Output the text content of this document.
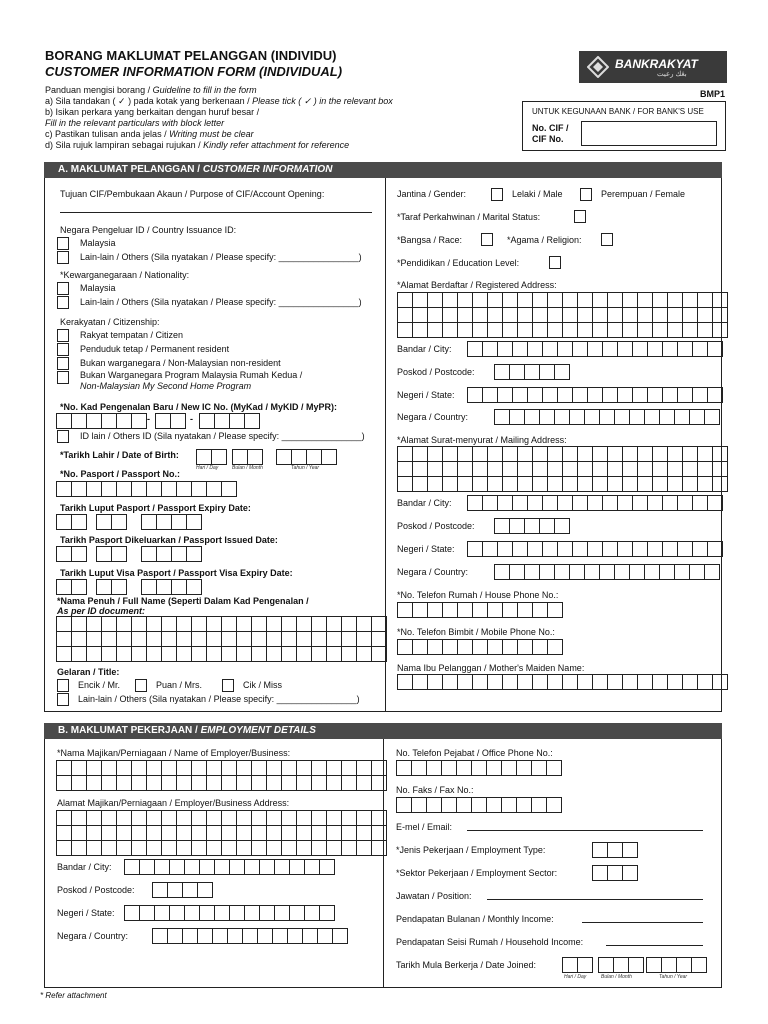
BORANG MAKLUMAT PELANGGAN (INDIVIDU)
CUSTOMER INFORMATION FORM (INDIVIDUAL)	BANKRAKYAT
بڠك رعيت
BMP1
Panduan mengisi borang / Guideline to fill in the form
a) Sila tandakan ( ✓ ) pada kotak yang berkenaan / Please tick ( ✓ ) in the relevant box
b) Isikan perkara yang berkaitan dengan huruf besar /
Fill in the relevant particulars with block letter
c) Pastikan tulisan anda jelas / Writing must be clear
d) Sila rujuk lampiran sebagai rujukan / Kindly refer attachment for reference
UNTUK KEGUNAAN BANK / FOR BANK'S USE
No. CIF /
CIF No.
A. MAKLUMAT PELANGGAN / CUSTOMER INFORMATION
Tujuan CIF/Pembukaan Akaun / Purpose of CIF/Account Opening:
Negara Pengeluar ID / Country Issuance ID:
Malaysia
Lain-lain / Others (Sila nyatakan / Please specify: ________________)
*Kewarganegaraan / Nationality:
Malaysia
Lain-lain / Others (Sila nyatakan / Please specify: ________________)
Kerakyatan / Citizenship:
Rakyat tempatan / Citizen
Penduduk tetap / Permanent resident
Bukan warganegara / Non-Malaysian non-resident
Bukan Warganegara Program Malaysia Rumah Kedua /
Non-Malaysian My Second Home Program
*No. Kad Pengenalan Baru / New IC No. (MyKad / MyKID / MyPR):
ID lain / Others ID (Sila nyatakan / Please specify: ________________)
*Tarikh Lahir / Date of Birth:
Hari / Day	Bulan / Month	Tahun / Year
*No. Pasport / Passport No.:
Tarikh Luput Pasport / Passport Expiry Date:
Tarikh Pasport Dikeluarkan / Passport Issued Date:
Tarikh Luput Visa Pasport / Passport Visa Expiry Date:
*Nama Penuh / Full Name (Seperti Dalam Kad Pengenalan /
As per ID document:
Gelaran / Title:
Encik / Mr.	Puan / Mrs.	Cik / Miss
Lain-lain / Others (Sila nyatakan / Please specify: ________________)
Jantina / Gender:	Lelaki / Male	Perempuan / Female
*Taraf Perkahwinan / Marital Status:
*Bangsa / Race:	*Agama / Religion:
*Pendidikan / Education Level:
*Alamat Berdaftar / Registered Address:
Bandar / City:
Poskod / Postcode:
Negeri / State:
Negara / Country:
*Alamat Surat-menyurat / Mailing Address:
Bandar / City:
Poskod / Postcode:
Negeri / State:
Negara / Country:
*No. Telefon Rumah / House Phone No.:
*No. Telefon Bimbit / Mobile Phone No.:
Nama Ibu Pelanggan / Mother's Maiden Name:
B. MAKLUMAT PEKERJAAN / EMPLOYMENT DETAILS
*Nama Majikan/Perniagaan / Name of Employer/Business:
Alamat Majikan/Perniagaan / Employer/Business Address:
Bandar / City:
Poskod / Postcode:
Negeri / State:
Negara / Country:
No. Telefon Pejabat / Office Phone No.:
No. Faks / Fax No.:
E-mel / Email:
*Jenis Pekerjaan / Employment Type:
*Sektor Pekerjaan / Employment Sector:
Jawatan / Position:
Pendapatan Bulanan / Monthly Income:
Pendapatan Seisi Rumah / Household Income:
Tarikh Mula Berkerja / Date Joined:
Hari / Day	Bulan / Month	Tahun / Year
* Refer attachment

-
		-
